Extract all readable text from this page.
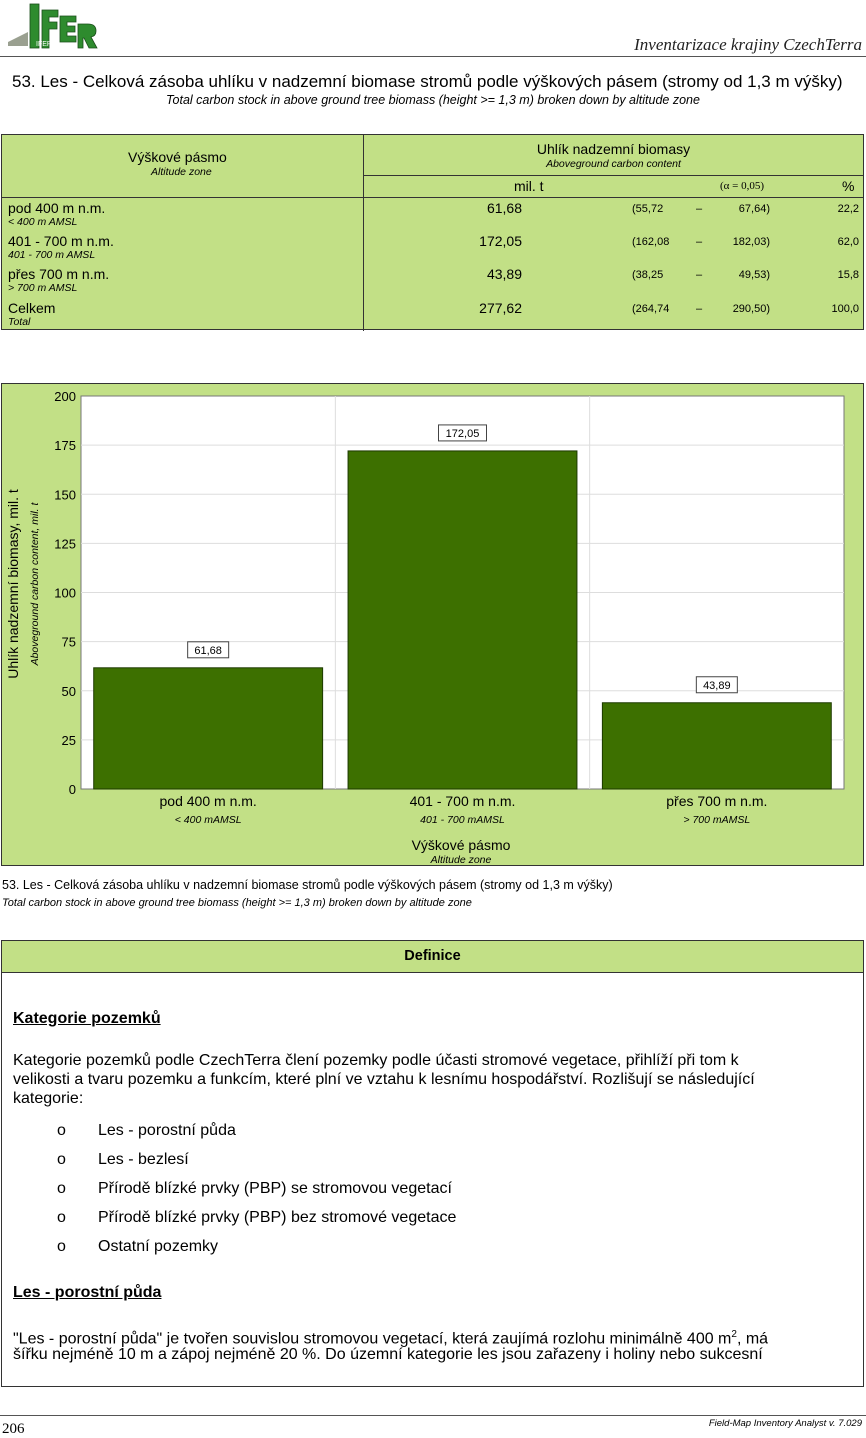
IFER	Inventarizace krajiny CzechTerra
53. Les - Celková zásoba uhlíku v nadzemní biomase stromů podle výškových pásem (stromy od 1,3 m výšky)
Total carbon stock in above ground tree biomass (height >= 1,3 m) broken down by altitude zone
Výškové pásmo
Altitude zone
Uhlík nadzemní biomasy
Aboveground carbon content
mil. t	(α = 0,05)	%
pod 400 m n.m.
< 400 m AMSL
61,68	(55,72	–	67,64)	22,2
401 - 700 m n.m.
401 - 700 m AMSL
172,05	(162,08	–	182,03)	62,0
přes 700 m n.m.
> 700 m AMSL
43,89	(38,25	–	49,53)	15,8
Celkem
Total
277,62	(264,74	–	290,50)	100,0
0
25
50
75
100
125
150
175
200
61,68
172,05
43,89
pod 400 m n.m.
< 400 mAMSL
401 - 700 m n.m.
401 - 700 mAMSL
přes 700 m n.m.
> 700 mAMSL
Uhlík nadzemní biomasy, mil. t Aboveground carbon content, mil. t
Výškové pásmo
Altitude zone
53. Les - Celková zásoba uhlíku v nadzemní biomase stromů podle výškových pásem (stromy od 1,3 m výšky)
Total carbon stock in above ground tree biomass (height >= 1,3 m) broken down by altitude zone
Definice
Kategorie pozemků
Kategorie pozemků podle CzechTerra člení pozemky podle účasti stromové vegetace, přihlíží při tom k
velikosti a tvaru pozemku a funkcím, které plní ve vztahu k lesnímu hospodářství. Rozlišují se následující
kategorie:
o Les - porostní půda
o Les - bezlesí
o Přírodě blízké prvky (PBP) se stromovou vegetací
o Přírodě blízké prvky (PBP) bez stromové vegetace
o Ostatní pozemky
Les - porostní půda
"Les - porostní půda" je tvořen souvislou stromovou vegetací, která zaujímá rozlohu minimálně 400 $m^2$, má
šířku nejméně 10 m a zápoj nejméně 20 %. Do územní kategorie les jsou zařazeny i holiny nebo sukcesní
206	Field-Map Inventory Analyst v. 7.029
